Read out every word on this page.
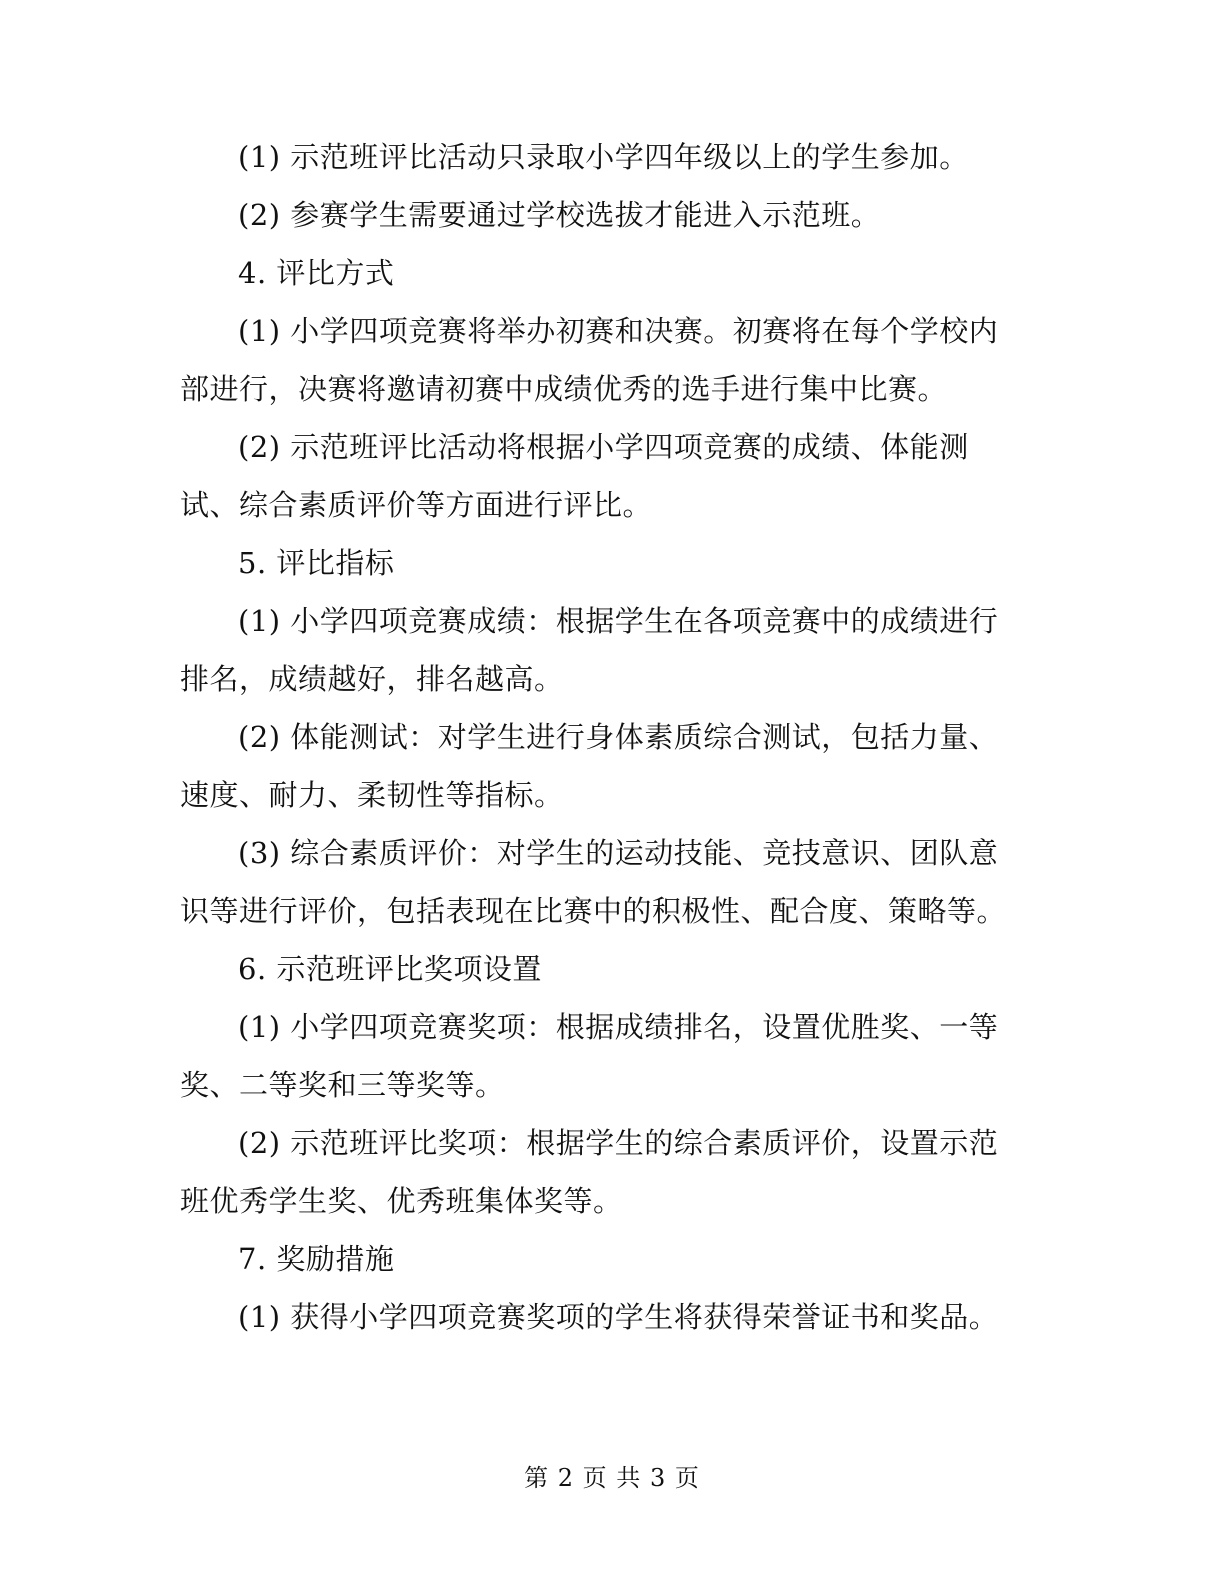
(1) 示范班评比活动只录取小学四年级以上的学生参加。

(2) 参赛学生需要通过学校选拔才能进入示范班。

4. 评比方式

(1) 小学四项竞赛将举办初赛和决赛。初赛将在每个学校内部进行，决赛将邀请初赛中成绩优秀的选手进行集中比赛。

(2) 示范班评比活动将根据小学四项竞赛的成绩、体能测试、综合素质评价等方面进行评比。

5. 评比指标

(1) 小学四项竞赛成绩：根据学生在各项竞赛中的成绩进行排名，成绩越好，排名越高。

(2) 体能测试：对学生进行身体素质综合测试，包括力量、速度、耐力、柔韧性等指标。

(3) 综合素质评价：对学生的运动技能、竞技意识、团队意识等进行评价，包括表现在比赛中的积极性、配合度、策略等。

6. 示范班评比奖项设置

(1) 小学四项竞赛奖项：根据成绩排名，设置优胜奖、一等奖、二等奖和三等奖等。

(2) 示范班评比奖项：根据学生的综合素质评价，设置示范班优秀学生奖、优秀班集体奖等。

7. 奖励措施

(1) 获得小学四项竞赛奖项的学生将获得荣誉证书和奖品。

第 2 页 共 3 页
